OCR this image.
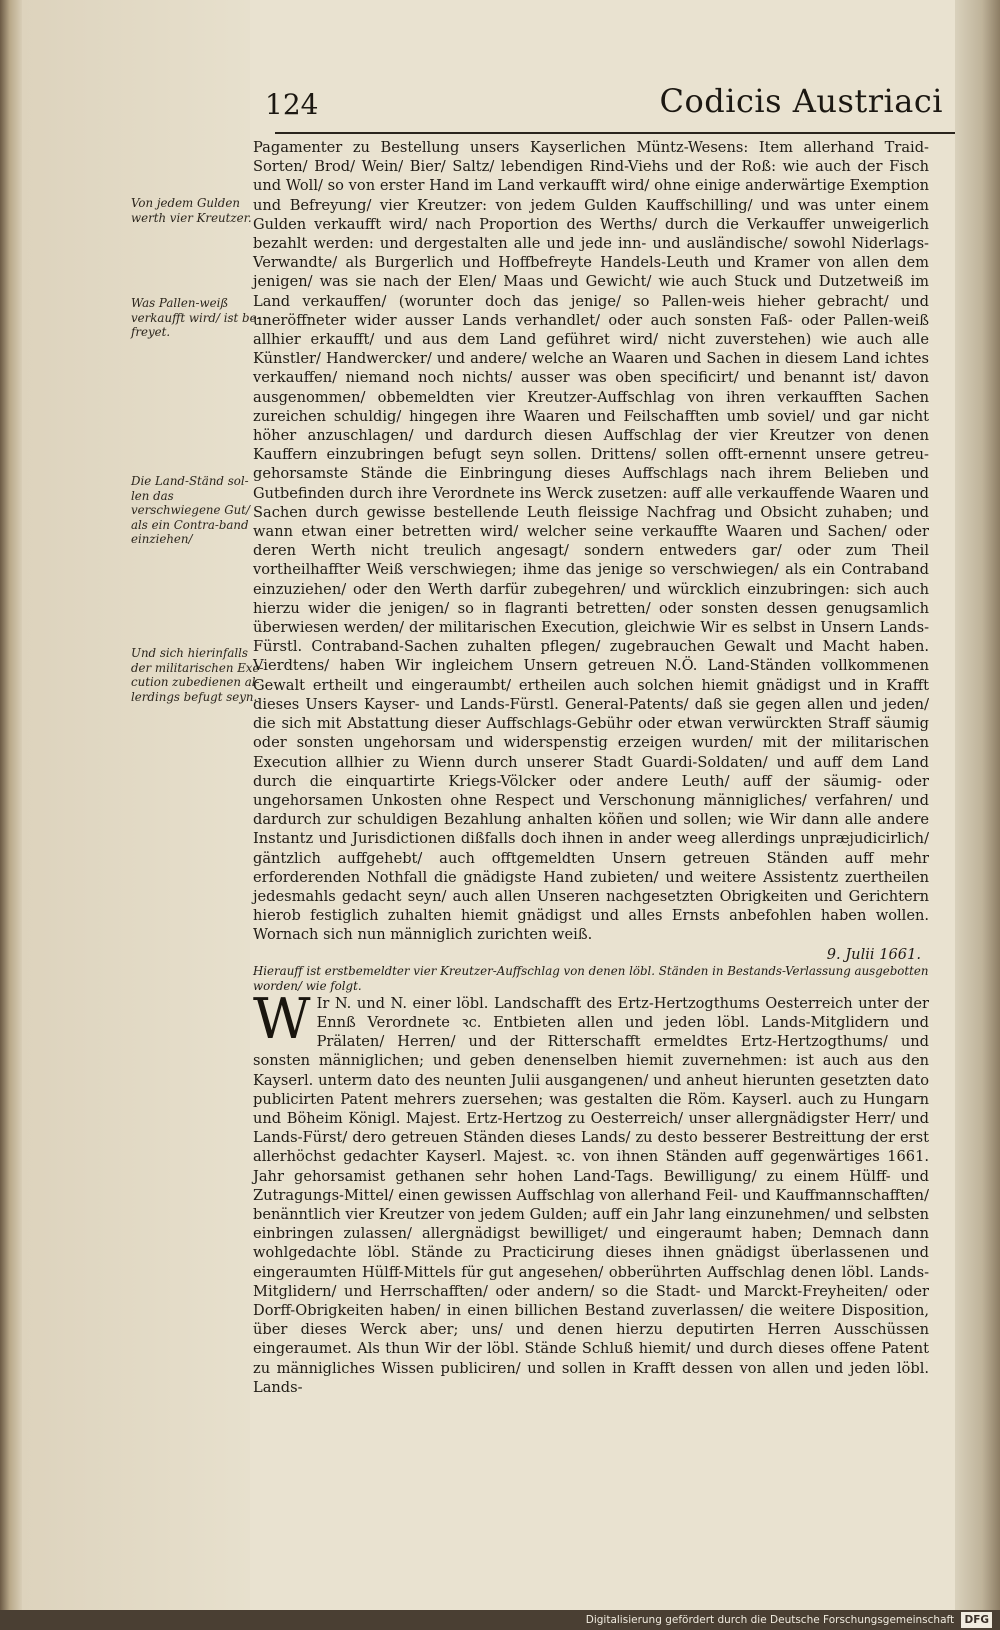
124	Codicis Austriaci
Von jedem Gulden werth vier Kreutzer.
Was Pallen-weiß verkaufft wird/ ist be-freyet.
Die Land-Ständ sol-len das verschwiegene Gut/ als ein Contra-band einziehen/
Und sich hierinfalls der militarischen Exe-cution zubedienen al-lerdings befugt seyn.

Pagamenter zu Bestellung unsers Kayserlichen Müntz-Wesens: Item allerhand Traid-Sorten/ Brod/ Wein/ Bier/ Saltz/ lebendigen Rind-Viehs und der Roß: wie auch der Fisch und Woll/ so von erster Hand im Land verkaufft wird/ ohne einige anderwärtige Exemption und Befreyung/ vier Kreutzer: von jedem Gulden Kauffschilling/ und was unter einem Gulden verkaufft wird/ nach Proportion des Werths/ durch die Verkauffer unweigerlich bezahlt werden: und dergestalten alle und jede inn- und ausländische/ sowohl Niderlags-Verwandte/ als Burgerlich und Hoffbefreyte Handels-Leuth und Kramer von allen dem jenigen/ was sie nach der Elen/ Maas und Gewicht/ wie auch Stuck und Dutzetweiß im Land verkauffen/ (worunter doch das jenige/ so Pallen-weis hieher gebracht/ und uneröffneter wider ausser Lands verhandlet/ oder auch sonsten Faß- oder Pallen-weiß allhier erkaufft/ und aus dem Land geführet wird/ nicht zuverstehen) wie auch alle Künstler/ Handwercker/ und andere/ welche an Waaren und Sachen in diesem Land ichtes verkauffen/ niemand noch nichts/ ausser was oben specificirt/ und benannt ist/ davon ausgenommen/ obbemeldten vier Kreutzer-Auffschlag von ihren verkaufften Sachen zureichen schuldig/ hingegen ihre Waaren und Feilschafften umb soviel/ und gar nicht höher anzuschlagen/ und dardurch diesen Auffschlag der vier Kreutzer von denen Kauffern einzubringen befugt seyn sollen. Drittens/ sollen offt-ernennt unsere getreu-gehorsamste Stände die Einbringung dieses Auffschlags nach ihrem Belieben und Gutbefinden durch ihre Verordnete ins Werck zusetzen: auff alle verkauffende Waaren und Sachen durch gewisse bestellende Leuth fleissige Nachfrag und Obsicht zuhaben; und wann etwan einer betretten wird/ welcher seine verkauffte Waaren und Sachen/ oder deren Werth nicht treulich angesagt/ sondern entweders gar/ oder zum Theil vortheilhaffter Weiß verschwiegen; ihme das jenige so verschwiegen/ als ein Contraband einzuziehen/ oder den Werth darfür zubegehren/ und würcklich einzubringen: sich auch hierzu wider die jenigen/ so in flagranti betretten/ oder sonsten dessen genugsamlich überwiesen werden/ der militarischen Execution, gleichwie Wir es selbst in Unsern Lands-Fürstl. Contraband-Sachen zuhalten pflegen/ zugebrauchen Gewalt und Macht haben. Vierdtens/ haben Wir ingleichem Unsern getreuen N.Ö. Land-Ständen vollkommenen Gewalt ertheilt und eingeraumbt/ ertheilen auch solchen hiemit gnädigst und in Krafft dieses Unsers Kayser- und Lands-Fürstl. General-Patents/ daß sie gegen allen und jeden/ die sich mit Abstattung dieser Auffschlags-Gebühr oder etwan verwürckten Straff säumig oder sonsten ungehorsam und widerspenstig erzeigen wurden/ mit der militarischen Execution allhier zu Wienn durch unserer Stadt Guardi-Soldaten/ und auff dem Land durch die einquartirte Kriegs-Völcker oder andere Leuth/ auff der säumig- oder ungehorsamen Unkosten ohne Respect und Verschonung männigliches/ verfahren/ und dardurch zur schuldigen Bezahlung anhalten köñen und sollen; wie Wir dann alle andere Instantz und Jurisdictionen dißfalls doch ihnen in ander weeg allerdings unpræjudicirlich/ gäntzlich auffgehebt/ auch offtgemeldten Unsern getreuen Ständen auff mehr erforderenden Nothfall die gnädigste Hand zubieten/ und weitere Assistentz zuertheilen jedesmahls gedacht seyn/ auch allen Unseren nachgesetzten Obrigkeiten und Gerichtern hierob festiglich zuhalten hiemit gnädigst und alles Ernsts anbefohlen haben wollen. Wornach sich nun männiglich zurichten weiß.

9. Julii 1661.

Hierauff ist erstbemeldter vier Kreutzer-Auffschlag von denen löbl. Ständen in Bestands-Verlassung ausgebotten worden/ wie folgt.

W Ir N. und N. einer löbl. Landschafft des Ertz-Hertzogthums Oesterreich unter der Ennß Verordnete ꝛc. Entbieten allen und jeden löbl. Lands-Mitglidern und Prälaten/ Herren/ und der Ritterschafft ermeldtes Ertz-Hertzogthums/ und sonsten männiglichen; und geben denenselben hiemit zuvernehmen: ist auch aus den Kayserl. unterm dato des neunten Julii ausgangenen/ und anheut hierunten gesetzten dato publicirten Patent mehrers zuersehen; was gestalten die Röm. Kayserl. auch zu Hungarn und Böheim Königl. Majest. Ertz-Hertzog zu Oesterreich/ unser allergnädigster Herr/ und Lands-Fürst/ dero getreuen Ständen dieses Lands/ zu desto besserer Bestreittung der erst allerhöchst gedachter Kayserl. Majest. ꝛc. von ihnen Ständen auff gegenwärtiges 1661. Jahr gehorsamist gethanen sehr hohen Land-Tags. Bewilligung/ zu einem Hülff- und Zutragungs-Mittel/ einen gewissen Auffschlag von allerhand Feil- und Kauffmannschafften/ benänntlich vier Kreutzer von jedem Gulden; auff ein Jahr lang einzunehmen/ und selbsten einbringen zulassen/ allergnädigst bewilliget/ und eingeraumt haben; Demnach dann wohlgedachte löbl. Stände zu Practicirung dieses ihnen gnädigst überlassenen und eingeraumten Hülff-Mittels für gut angesehen/ obberührten Auffschlag denen löbl. Lands-Mitglidern/ und Herrschafften/ oder andern/ so die Stadt- und Marckt-Freyheiten/ oder Dorff-Obrigkeiten haben/ in einen billichen Bestand zuverlassen/ die weitere Disposition, über dieses Werck aber; uns/ und denen hierzu deputirten Herren Ausschüssen eingeraumet. Als thun Wir der löbl. Stände Schluß hiemit/ und durch dieses offene Patent zu männigliches Wissen publiciren/ und sollen in Krafft dessen von allen und jeden löbl. Lands-

Digitalisierung gefördert durch die Deutsche Forschungsgemeinschaft DFG
